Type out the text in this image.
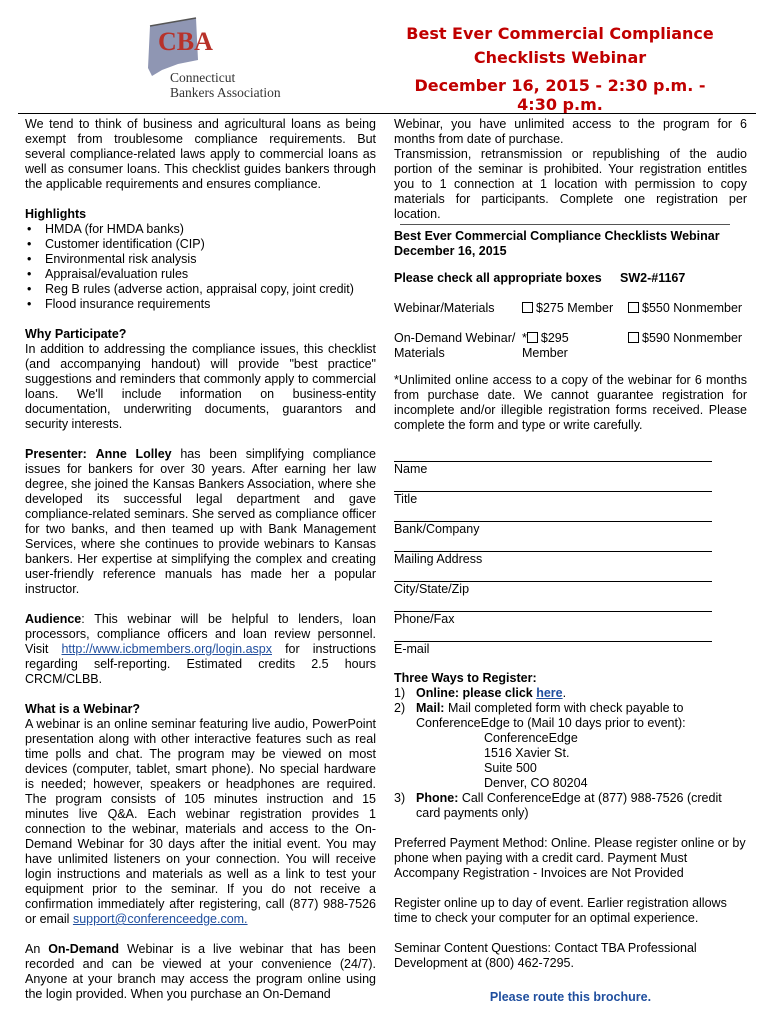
CBA
Connecticut
Bankers Association
Best Ever Commercial Compliance
Checklists Webinar
December 16, 2015 - 2:30 p.m. - 4:30 p.m.

We tend to think of business and agricultural loans as being exempt from troublesome compliance requirements. But several compliance-related laws apply to commercial loans as well as consumer loans. This checklist guides bankers through the applicable requirements and ensures compliance.

Highlights
• HMDA (for HMDA banks)
• Customer identification (CIP)
• Environmental risk analysis
• Appraisal/evaluation rules
• Reg B rules (adverse action, appraisal copy, joint credit)
• Flood insurance requirements
Why Participate?

In addition to addressing the compliance issues, this checklist (and accompanying handout) will provide "best practice" suggestions and reminders that commonly apply to commercial loans. We'll include information on business-entity documentation, underwriting documents, guarantors and security interests.

Presenter: Anne Lolley has been simplifying compliance issues for bankers for over 30 years. After earning her law degree, she joined the Kansas Bankers Association, where she developed its successful legal department and gave compliance-related seminars. She served as compliance officer for two banks, and then teamed up with Bank Management Services, where she continues to provide webinars to Kansas bankers. Her expertise at simplifying the complex and creating user-friendly reference manuals has made her a popular instructor.

Audience: This webinar will be helpful to lenders, loan processors, compliance officers and loan review personnel. Visit http://www.icbmembers.org/login.aspx for instructions regarding self-reporting. Estimated credits 2.5 hours CRCM/CLBB.

What is a Webinar?

A webinar is an online seminar featuring live audio, PowerPoint presentation along with other interactive features such as real time polls and chat. The program may be viewed on most devices (computer, tablet, smart phone). No special hardware is needed; however, speakers or headphones are required. The program consists of 105 minutes instruction and 15 minutes live Q&A. Each webinar registration provides 1 connection to the webinar, materials and access to the On-Demand Webinar for 30 days after the initial event. You may have unlimited listeners on your connection. You will receive login instructions and materials as well as a link to test your equipment prior to the seminar. If you do not receive a confirmation immediately after registering, call (877) 988-7526 or email support@conferenceedge.com.

An On-Demand Webinar is a live webinar that has been recorded and can be viewed at your convenience (24/7). Anyone at your branch may access the program online using the login provided. When you purchase an On-Demand

Webinar, you have unlimited access to the program for 6 months from date of purchase.

Transmission, retransmission or republishing of the audio portion of the seminar is prohibited. Your registration entitles you to 1 connection at 1 location with permission to copy materials for participants. Complete one registration per location.

Best Ever Commercial Compliance Checklists Webinar
December 16, 2015
Please check all appropriate boxes SW2-#1167
Webinar/Materials	$275 Member	$550 Nonmember
On-Demand Webinar/
Materials
* $295
Member
$590 Nonmember

*Unlimited online access to a copy of the webinar for 6 months from purchase date. We cannot guarantee registration for incomplete and/or illegible registration forms received. Please complete the form and type or write carefully.

Name
Title
Bank/Company
Mailing Address
City/State/Zip
Phone/Fax
E-mail
Three Ways to Register:
1) Online: please click here.
2) Mail: Mail completed form with check payable to ConferenceEdge to (Mail 10 days prior to event):
ConferenceEdge
1516 Xavier St.
Suite 500
Denver, CO 80204
3) Phone: Call ConferenceEdge at (877) 988-7526 (credit card payments only)
Preferred Payment Method: Online. Please register online or by phone when paying with a credit card. Payment Must Accompany Registration - Invoices are Not Provided
Register online up to day of event. Earlier registration allows time to check your computer for an optimal experience.
Seminar Content Questions: Contact TBA Professional Development at (800) 462-7295.
Please route this brochure.
